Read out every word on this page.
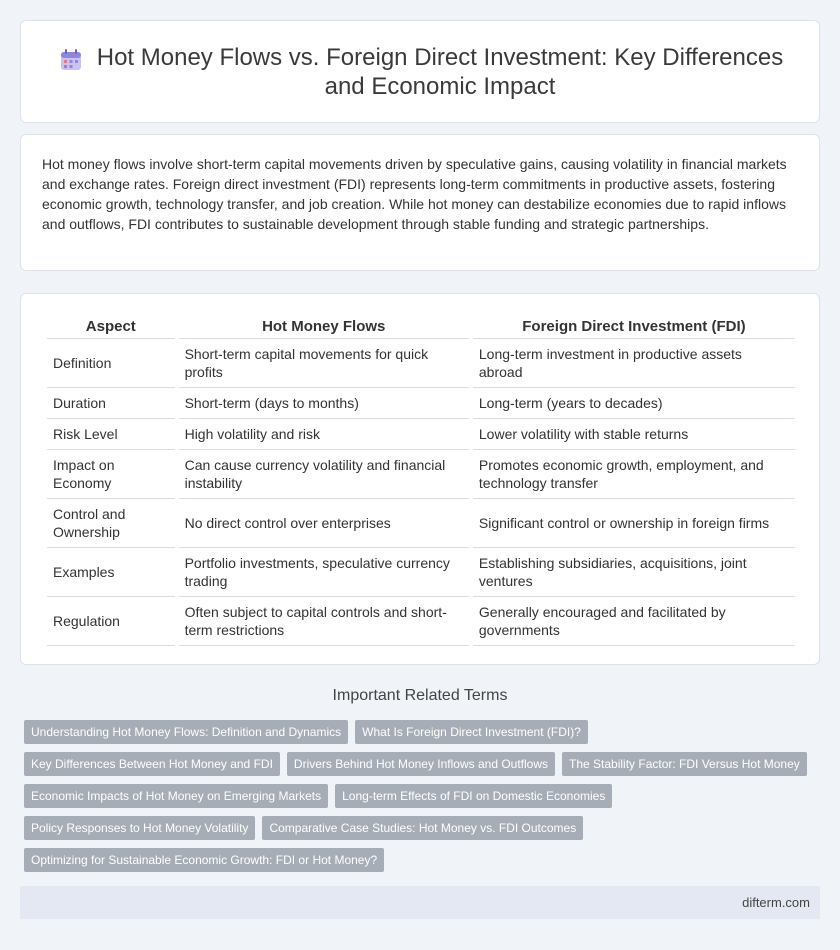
Hot Money Flows vs. Foreign Direct Investment: Key Differences and Economic Impact

Hot money flows involve short-term capital movements driven by speculative gains, causing volatility in financial markets and exchange rates. Foreign direct investment (FDI) represents long-term commitments in productive assets, fostering economic growth, technology transfer, and job creation. While hot money can destabilize economies due to rapid inflows and outflows, FDI contributes to sustainable development through stable funding and strategic partnerships.

Aspect	Hot Money Flows	Foreign Direct Investment (FDI)
Definition	Short-term capital movements for quick profits	Long-term investment in productive assets abroad
Duration	Short-term (days to months)	Long-term (years to decades)
Risk Level	High volatility and risk	Lower volatility with stable returns
Impact on Economy	Can cause currency volatility and financial instability	Promotes economic growth, employment, and technology transfer
Control and Ownership	No direct control over enterprises	Significant control or ownership in foreign firms
Examples	Portfolio investments, speculative currency trading	Establishing subsidiaries, acquisitions, joint ventures
Regulation	Often subject to capital controls and short-term restrictions	Generally encouraged and facilitated by governments
Important Related Terms
Understanding Hot Money Flows: Definition and Dynamics	What Is Foreign Direct Investment (FDI)?
Key Differences Between Hot Money and FDI	Drivers Behind Hot Money Inflows and Outflows	The Stability Factor: FDI Versus Hot Money
Economic Impacts of Hot Money on Emerging Markets	Long-term Effects of FDI on Domestic Economies
Policy Responses to Hot Money Volatility	Comparative Case Studies: Hot Money vs. FDI Outcomes
Optimizing for Sustainable Economic Growth: FDI or Hot Money?
difterm.com
